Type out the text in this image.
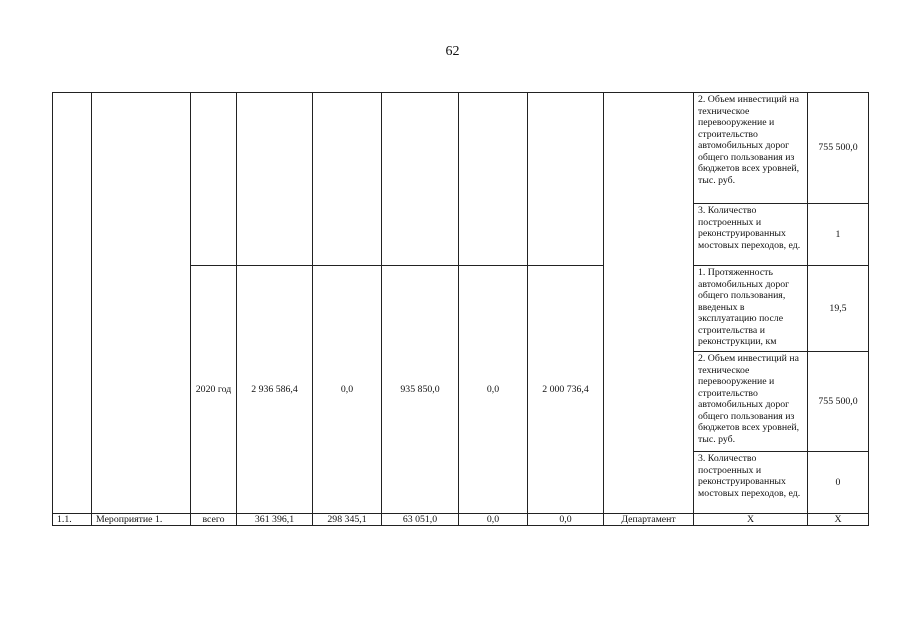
62
									2. Объем инвестиций на техническое перевооружение и строительство автомобильных дорог общего пользования из бюджетов всех уровней, тыс. руб.	755 500,0
									3. Количество построенных и реконструированных мостовых переходов, ед.	1
		2020 год	2 936 586,4	0,0	935 850,0	0,0	2 000 736,4		1. Протяженность автомобильных дорог общего пользования, введеных в эксплуатацию после строительства и реконструкции, км	19,5
									2. Объем инвестиций на техническое перевооружение и строительство автомобильных дорог общего пользования из бюджетов всех уровней, тыс. руб.	755 500,0
									3. Количество построенных и реконструированных мостовых переходов, ед.	0
1.1.	Мероприятие 1.	всего	361 396,1	298 345,1	63 051,0	0,0	0,0	Департамент	X	X
